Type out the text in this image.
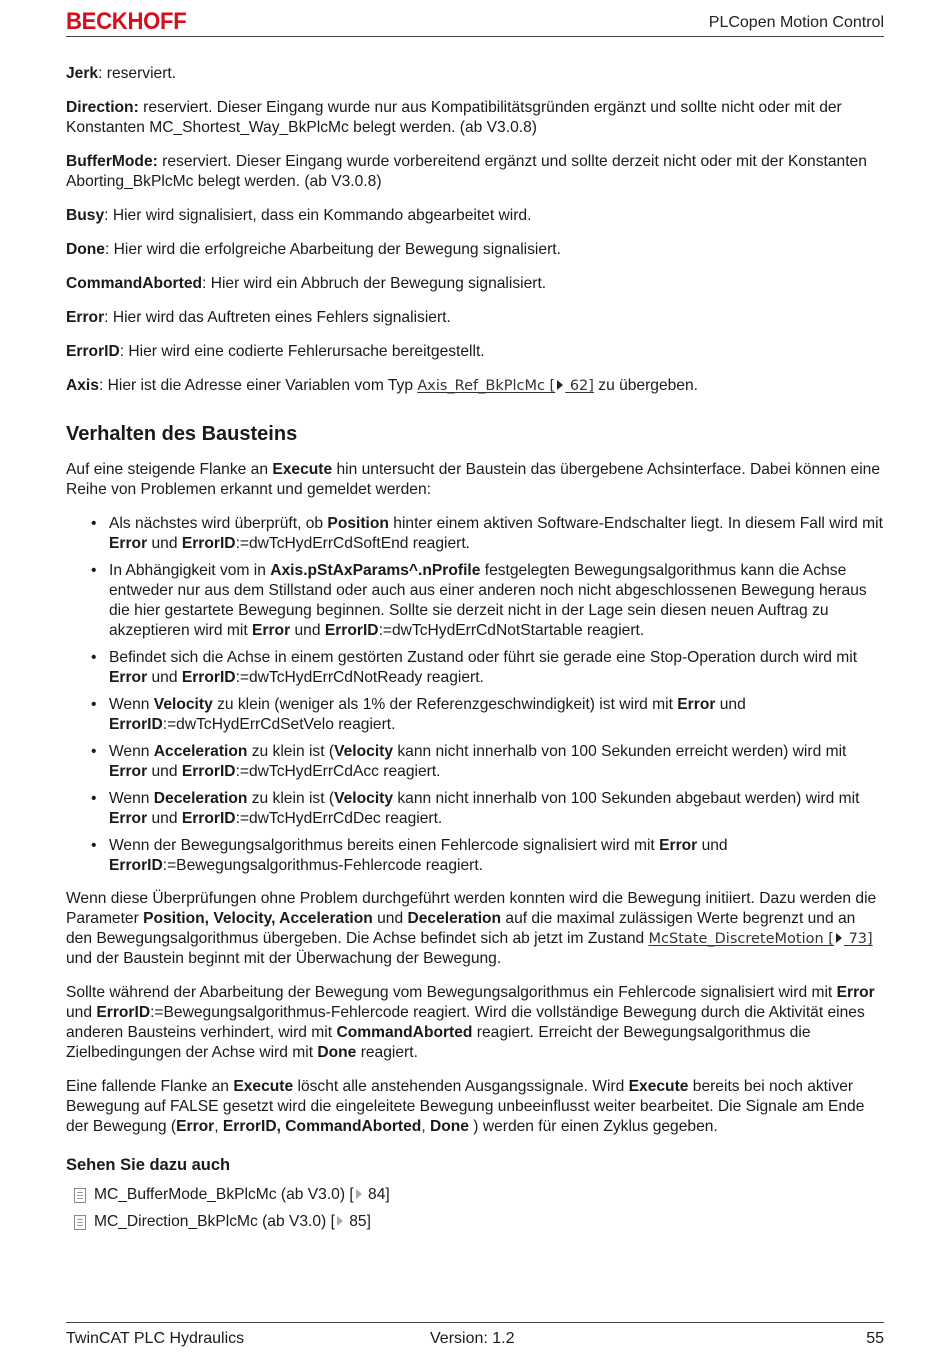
BECKHOFF	PLCopen Motion Control

Jerk: reserviert.

Direction: reserviert. Dieser Eingang wurde nur aus Kompatibilitätsgründen ergänzt und sollte nicht oder mit der Konstanten MC_Shortest_Way_BkPlcMc belegt werden. (ab V3.0.8)

BufferMode: reserviert. Dieser Eingang wurde vorbereitend ergänzt und sollte derzeit nicht oder mit der Konstanten Aborting_BkPlcMc belegt werden. (ab V3.0.8)

Busy: Hier wird signalisiert, dass ein Kommando abgearbeitet wird.

Done: Hier wird die erfolgreiche Abarbeitung der Bewegung signalisiert.

CommandAborted: Hier wird ein Abbruch der Bewegung signalisiert.

Error: Hier wird das Auftreten eines Fehlers signalisiert.

ErrorID: Hier wird eine codierte Fehlerursache bereitgestellt.

Axis: Hier ist die Adresse einer Variablen vom Typ Axis_Ref_BkPlcMc [ 62] zu übergeben.

Verhalten des Bausteins

Auf eine steigende Flanke an Execute hin untersucht der Baustein das übergebene Achsinterface. Dabei können eine Reihe von Problemen erkannt und gemeldet werden:

• Als nächstes wird überprüft, ob Position hinter einem aktiven Software-Endschalter liegt. In diesem Fall wird mit Error und ErrorID:=dwTcHydErrCdSoftEnd reagiert.
• In Abhängigkeit vom in Axis.pStAxParams^.nProfile festgelegten Bewegungsalgorithmus kann die Achse entweder nur aus dem Stillstand oder auch aus einer anderen noch nicht abgeschlossenen Bewegung heraus die hier gestartete Bewegung beginnen. Sollte sie derzeit nicht in der Lage sein diesen neuen Auftrag zu akzeptieren wird mit Error und ErrorID:=dwTcHydErrCdNotStartable reagiert.
• Befindet sich die Achse in einem gestörten Zustand oder führt sie gerade eine Stop-Operation durch wird mit Error und ErrorID:=dwTcHydErrCdNotReady reagiert.
• Wenn Velocity zu klein (weniger als 1% der Referenzgeschwindigkeit) ist wird mit Error und ErrorID:=dwTcHydErrCdSetVelo reagiert.
• Wenn Acceleration zu klein ist (Velocity kann nicht innerhalb von 100 Sekunden erreicht werden) wird mit Error und ErrorID:=dwTcHydErrCdAcc reagiert.
• Wenn Deceleration zu klein ist (Velocity kann nicht innerhalb von 100 Sekunden abgebaut werden) wird mit Error und ErrorID:=dwTcHydErrCdDec reagiert.
• Wenn der Bewegungsalgorithmus bereits einen Fehlercode signalisiert wird mit Error und ErrorID:=Bewegungsalgorithmus-Fehlercode reagiert.

Wenn diese Überprüfungen ohne Problem durchgeführt werden konnten wird die Bewegung initiiert. Dazu werden die Parameter Position, Velocity, Acceleration und Deceleration auf die maximal zulässigen Werte begrenzt und an den Bewegungsalgorithmus übergeben. Die Achse befindet sich ab jetzt im Zustand McState_DiscreteMotion [ 73] und der Baustein beginnt mit der Überwachung der Bewegung.

Sollte während der Abarbeitung der Bewegung vom Bewegungsalgorithmus ein Fehlercode signalisiert wird mit Error und ErrorID:=Bewegungsalgorithmus-Fehlercode reagiert. Wird die vollständige Bewegung durch die Aktivität eines anderen Bausteins verhindert, wird mit CommandAborted reagiert. Erreicht der Bewegungsalgorithmus die Zielbedingungen der Achse wird mit Done reagiert.

Eine fallende Flanke an Execute löscht alle anstehenden Ausgangssignale. Wird Execute bereits bei noch aktiver Bewegung auf FALSE gesetzt wird die eingeleitete Bewegung unbeeinflusst weiter bearbeitet. Die Signale am Ende der Bewegung (Error, ErrorID, CommandAborted, Done ) werden für einen Zyklus gegeben.

Sehen Sie dazu auch
MC_BufferMode_BkPlcMc (ab V3.0) [ 84]
MC_Direction_BkPlcMc (ab V3.0) [ 85]
TwinCAT PLC Hydraulics	Version: 1.2	55
